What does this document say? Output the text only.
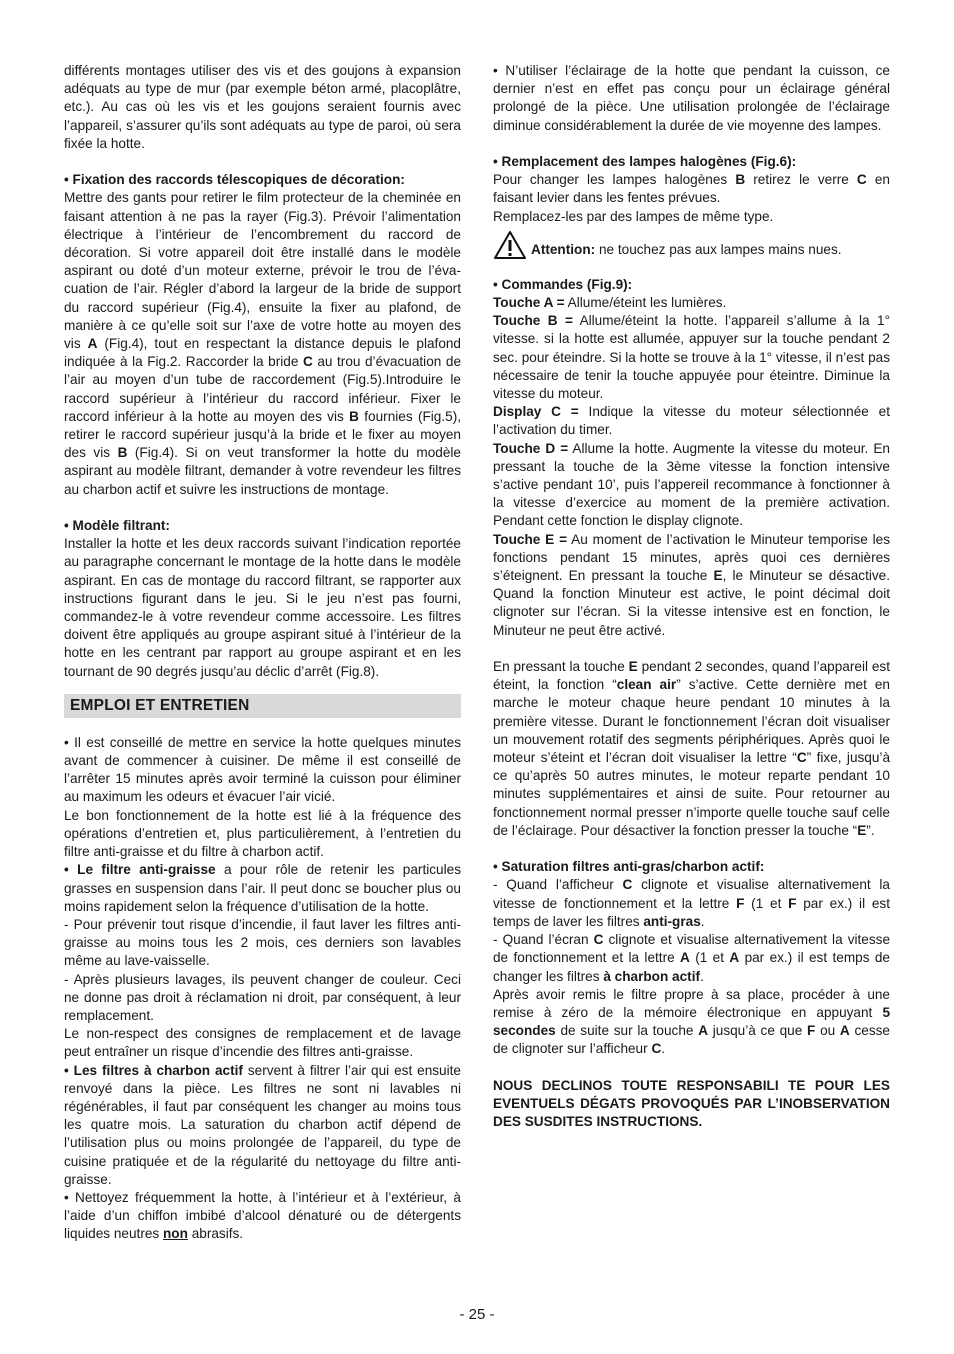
différents montages utiliser des vis et des goujons à expansion adéquats au type de mur (par exemple béton armé, placoplâtre, etc.). Au cas où les vis et les goujons seraient fournis avec l’appareil, s’assurer qu’ils sont adéquats au type de paroi, où sera fixée la hotte.

• Fixation des raccords télescopiques de décoration:

Mettre des gants pour retirer le film protecteur de la cheminée en faisant attention à ne pas la rayer (Fig.3). Prévoir l’alimentation électrique à l’intérieur de l’encombrement du raccord de décoration. Si votre appareil doit être installé dans le modèle aspirant ou doté d’un moteur externe, prévoir le trou de l’évacuation de l’air. Régler d’abord la largeur de la bride de support du raccord supérieur (Fig.4), ensuite la fixer au plafond, de manière à ce qu’elle soit sur l’axe de votre hotte au moyen des vis A (Fig.4), tout en respectant la distance depuis le plafond indiquée à la Fig.2. Raccorder la bride C au trou d’évacuation de l’air au moyen d’un tube de raccordement (Fig.5).Introduire le raccord supérieur à l’intérieur du raccord inférieur. Fixer le raccord inférieur à la hotte au moyen des vis B fournies (Fig.5), retirer le raccord supérieur jusqu’à la bride et le fixer au moyen des vis B (Fig.4). Si on veut transformer la hotte du modèle aspirant au modèle filtrant, demander à votre revendeur les filtres au charbon actif et suivre les instructions de montage.

• Modèle filtrant:

Installer la hotte et les deux raccords suivant l’indication reportée au paragraphe concernant le montage de la hotte dans le modèle aspirant. En cas de montage du raccord filtrant, se rapporter aux instructions figurant dans le jeu. Si le jeu n’est pas fourni, commandez-le à votre revendeur comme accessoire. Les filtres doivent être appliqués au groupe aspirant situé à l’intérieur de la hotte en les centrant par rapport au groupe aspirant et en les tournant de 90 degrés jusqu’au déclic d’arrêt (Fig.8).

EMPLOI ET ENTRETIEN

• Il est conseillé de mettre en service la hotte quelques minutes avant de commencer à cuisiner. De même il est conseillé de l’arrêter 15 minutes après avoir terminé la cuisson pour éliminer au maximum les odeurs et évacuer l’air vicié.

Le bon fonctionnement de la hotte est lié à la fréquence des opérations d’entretien et, plus particulièrement, à l’entretien du filtre anti-graisse et du filtre à charbon actif.

• Le filtre anti-graisse a pour rôle de retenir les particules grasses en suspension dans l’air. Il peut donc se boucher plus ou moins rapidement selon la fréquence d’utilisation de la hotte.

- Pour prévenir tout risque d’incendie, il faut laver les filtres anti-graisse au moins tous les 2 mois, ces derniers son lavables même au lave-vaisselle.

- Après plusieurs lavages, ils peuvent changer de couleur. Ceci ne donne pas droit à réclamation ni droit, par conséquent, à leur remplacement.

Le non-respect des consignes de remplacement et de lavage peut entraîner un risque d’incendie des filtres anti-graisse.

• Les filtres à charbon actif servent à filtrer l’air qui est ensuite renvoyé dans la pièce. Les filtres ne sont ni lavables ni régénérables, il faut par conséquent les changer au moins tous les quatre mois. La saturation du charbon actif dépend de l’utilisation plus ou moins prolongée de l’appareil, du type de cuisine pratiquée et de la régularité du nettoyage du filtre anti-graisse.

• Nettoyez fréquemment la hotte, à l’intérieur et à l’extérieur, à l’aide d’un chiffon imbibé d’alcool dénaturé ou de détergents liquides neutres non abrasifs.

• N’utiliser l’éclairage de la hotte que pendant la cuisson, ce dernier n’est en effet pas conçu pour un éclairage général prolongé de la pièce. Une utilisation prolongée de l’éclairage diminue considérablement la durée de vie moyenne des lampes.

• Remplacement des lampes halogènes (Fig.6):

Pour changer les lampes halogènes B retirez le verre C en faisant levier dans les fentes prévues.

Remplacez-les par des lampes de même type.

Attention: ne touchez pas aux lampes mains nues.

• Commandes (Fig.9):

Touche A = Allume/éteint les lumières.

Touche B = Allume/éteint la hotte. l’appareil s’allume à la 1° vitesse. si la hotte est allumée, appuyer sur la touche pendant 2 sec. pour éteindre. Si la hotte se trouve à la 1° vitesse, il n’est pas nécessaire de tenir la touche appuyée pour éteintre. Diminue la vitesse du moteur.

Display C = Indique la vitesse du moteur sélectionnée et l’activation du timer.

Touche D = Allume la hotte. Augmente la vitesse du moteur. En pressant la touche de la 3ème vitesse la fonction intensive s’active pendant 10’, puis l’appereil recommance à fonctionner à la vitesse d’exercice au moment de la première activation. Pendant cette fonction le display clignote.

Touche E = Au moment de l’activation le Minuteur temporise les fonctions pendant 15 minutes, après quoi ces dernières s’éteignent. En pressant la touche E, le Minuteur se désactive. Quand la fonction Minuteur est active, le point décimal doit clignoter sur l’écran. Si la vitesse intensive est en fonction, le Minuteur ne peut être activé.

En pressant la touche E pendant 2 secondes, quand l’appareil est éteint, la fonction “clean air” s’active. Cette dernière met en marche le moteur chaque heure pendant 10 minutes à la première vitesse. Durant le fonctionnement l’écran doit visualiser un mouvement rotatif des segments périphériques. Après quoi le moteur s’éteint et l’écran doit visualiser la lettre “C” fixe, jusqu’à ce qu’après 50 autres minutes, le moteur reparte pendant 10 minutes supplémentaires et ainsi de suite. Pour retourner au fonctionnement normal presser n’importe quelle touche sauf celle de l’éclairage. Pour désactiver la fonction presser la touche “E”.

• Saturation filtres anti-gras/charbon actif:

- Quand l’afficheur C clignote et visualise alternativement la vitesse de fonctionnement et la lettre F (1 et F par ex.) il est temps de laver les filtres anti-gras.

- Quand l’écran C clignote et visualise alternativement la vitesse de fonctionnement et la lettre A (1 et A par ex.) il est temps de changer les filtres à charbon actif.

Après avoir remis le filtre propre à sa place, procéder à une remise à zéro de la mémoire électronique en appuyant 5 secondes de suite sur la touche A jusqu’à ce que F ou A cesse de clignoter sur l’afficheur C.

NOUS DECLINOS TOUTE RESPONSABILI TE POUR LES EVENTUELS DÉGATS PROVOQUÉS PAR L’INOBSERVATION DES SUSDITES INSTRUCTIONS.

- 25 -
